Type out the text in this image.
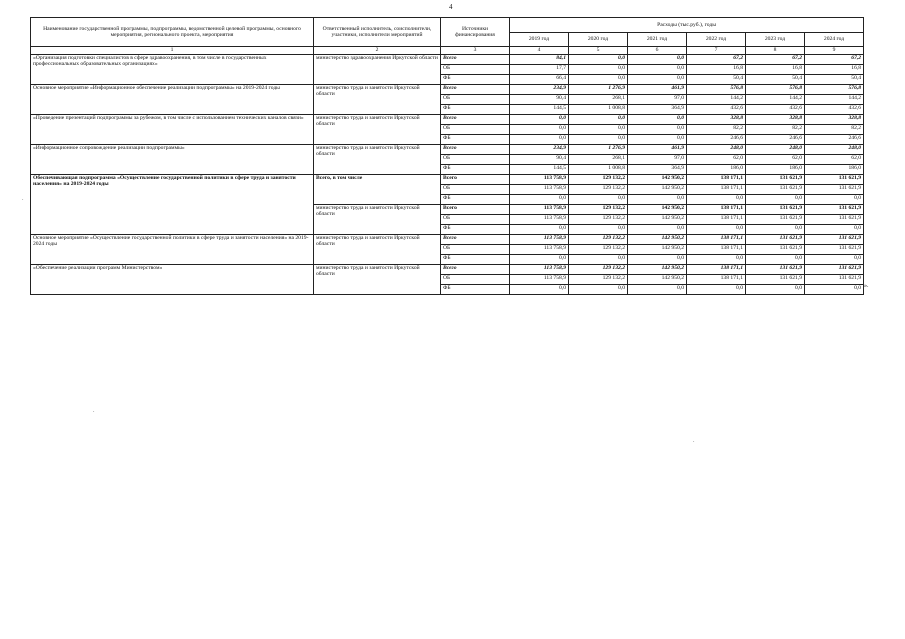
4
Наименование государственной программы, подпрограммы, ведомственной целевой программы, основного мероприятия, регионального проекта, мероприятия	Ответственный исполнитель, соисполнители, участники, исполнители мероприятий	Источники финансирования	Расходы (тыс.руб.), годы					
			2019 год	2020 год	2021 год	2022 год	2023 год	2024 год
1	2	3	4	5	6	7	8	9
«Организация подготовки специалистов в сфере здравоохранения, в том числе в государственных профессиональных образовательных организациях»	министерство здравоохранения Иркутской области	Всего	84,1	0,0	0,0	67,2	67,2	67,2
		ОБ	17,7	0,0	0,0	16,8	16,8	16,8
		ФБ	66,4	0,0	0,0	50,4	50,4	50,4
Основное мероприятие «Информационное обеспечение реализации подпрограммы» на 2019-2024 годы	министерство труда и занятости Иркутской области	Всего	234,9	1 276,9	461,9	576,8	576,8	576,8
		ОБ	90,4	268,1	97,0	144,2	144,2	144,2
		ФБ	144,5	1 008,8	364,9	432,6	432,6	432,6
«Проведение презентаций подпрограммы за рубежом, в том числе с использованием технических каналов связи»	министерство труда и занятости Иркутской области	Всего	0,0	0,0	0,0	328,8	328,8	328,8
		ОБ	0,0	0,0	0,0	82,2	82,2	82,2
		ФБ	0,0	0,0	0,0	246,6	246,6	246,6
«Информационное сопровождение реализации подпрограммы»	министерство труда и занятости Иркутской области	Всего	234,9	1 276,9	461,9	248,0	248,0	248,0
		ОБ	90,4	268,1	97,0	62,0	62,0	62,0
		ФБ	144,5	1 008,8	364,9	186,0	186,0	186,0
Обеспечивающая подпрограмма «Осуществление государственной политики в сфере труда и занятости населения» на 2019-2024 годы	Всего, в том числе	Всего	113 758,9	129 132,2	142 950,2	138 171,1	131 621,9	131 621,9
		ОБ	113 758,9	129 132,2	142 950,2	138 171,1	131 621,9	131 621,9
		ФБ	0,0	0,0	0,0	0,0	0,0	0,0
	министерство труда и занятости Иркутской области	Всего	113 758,9	129 132,2	142 950,2	138 171,1	131 621,9	131 621,9
		ОБ	113 758,9	129 132,2	142 950,2	138 171,1	131 621,9	131 621,9
		ФБ	0,0	0,0	0,0	0,0	0,0	0,0
Основное мероприятие «Осуществление государственной политики в сфере труда и занятости населения» на 2019-2024 годы	министерство труда и занятости Иркутской области	Всего	113 758,9	129 132,2	142 950,2	138 171,1	131 621,9	131 621,9
		ОБ	113 758,9	129 132,2	142 950,2	138 171,1	131 621,9	131 621,9
		ФБ	0,0	0,0	0,0	0,0	0,0	0,0
«Обеспечение реализации программ Министерством»	министерство труда и занятости Иркутской области	Всего	113 758,9	129 132,2	142 950,2	138 171,1	131 621,9	131 621,9
		ОБ	113 758,9	129 132,2	142 950,2	138 171,1	131 621,9	131 621,9
		ФБ	0,0	0,0	0,0	0,0	0,0	0,0 ».
.
.
.
